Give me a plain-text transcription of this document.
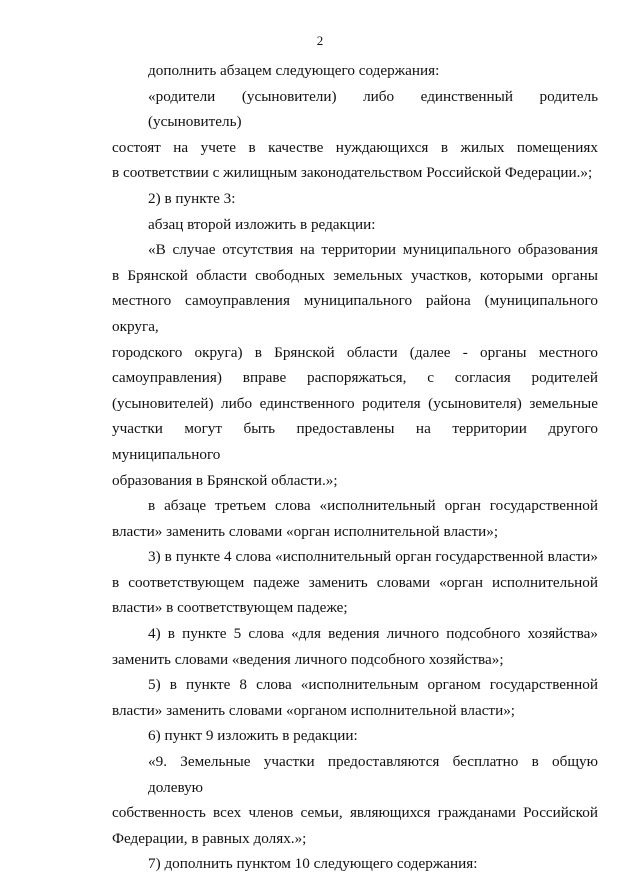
2

дополнить абзацем следующего содержания:

«родители (усыновители) либо единственный родитель (усыновитель)
состоят на учете в качестве нуждающихся в жилых помещениях
в соответствии с жилищным законодательством Российской Федерации.»;

2) в пункте 3:

абзац второй изложить в редакции:

«В случае отсутствия на территории муниципального образования
в Брянской области свободных земельных участков, которыми органы
местного самоуправления муниципального района (муниципального округа,
городского округа) в Брянской области (далее - органы местного
самоуправления) вправе распоряжаться, с согласия родителей
(усыновителей) либо единственного родителя (усыновителя) земельные
участки могут быть предоставлены на территории другого муниципального
образования в Брянской области.»;

в абзаце третьем слова «исполнительный орган государственной
власти» заменить словами «орган исполнительной власти»;

3) в пункте 4 слова «исполнительный орган государственной власти»
в соответствующем падеже заменить словами «орган исполнительной
власти» в соответствующем падеже;

4) в пункте 5 слова «для ведения личного подсобного хозяйства»
заменить словами «ведения личного подсобного хозяйства»;

5) в пункте 8 слова «исполнительным органом государственной
власти» заменить словами «органом исполнительной власти»;

6) пункт 9 изложить в редакции:

«9. Земельные участки предоставляются бесплатно в общую долевую
собственность всех членов семьи, являющихся гражданами Российской
Федерации, в равных долях.»;

7) дополнить пунктом 10 следующего содержания:
